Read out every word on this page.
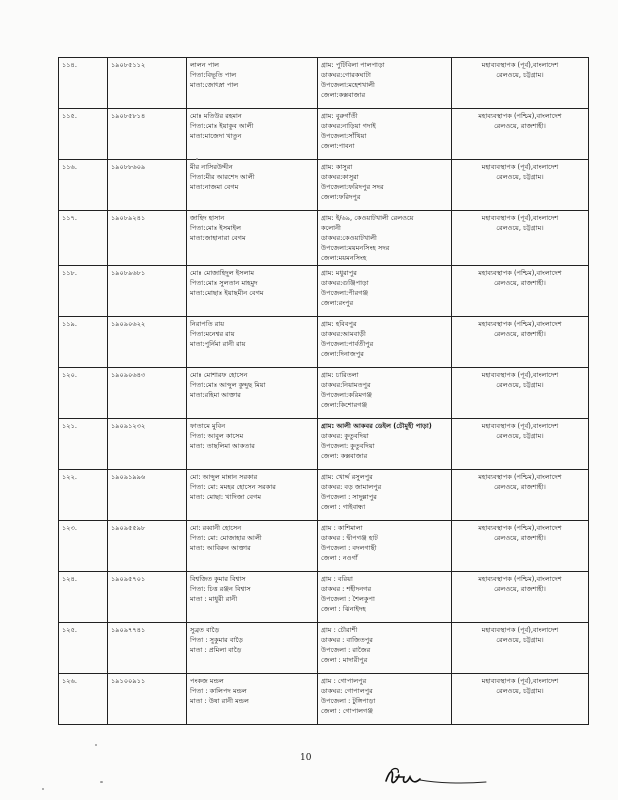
১১৪.	১৯০৮৫১১২	লালন পাল
পিতা:বিভূতি পাল
মাতা:জোৎস্না পাল	গ্রাম: পুটিবিলা পালপাড়া
ডাকঘর:গোরকঘাটা
উপজেলা:মহেশখালী
জেলা:কক্সবাজার	মহাব্যবস্থাপক (পূর্ব),বাংলাদেশ
রেলওয়ে, চট্টগ্রাম।

১১৫.	১৯০৮৫৮১৪	মোঃ মতিউর রহমান
পিতা:মোঃ ইয়াকুব আলী
মাতা:মাজেদা খাতুন	গ্রাম: বুরুগাঁতী
ডাকঘর:নাড়িয়া গদাই
উপজেলা:সাঁথিয়া
জেলা:পাবনা	মহাব্যবস্থাপক (পশ্চিম),বাংলাদেশ
রেলওয়ে, রাজশাহী।

১১৬.	১৯০৮৮৬০৯	মীর নাসিরউদ্দীন
পিতা:মীর আরশেদ আলী
মাতা:নাজমা বেগম	গ্রাম: কাসুরা
ডাকঘর:কাসুরা
উপজেলা:ফরিদপুর সদর
জেলা:ফরিদপুর	মহাব্যবস্থাপক (পূর্ব),বাংলাদেশ
রেলওয়ে, চট্টগ্রাম।

১১৭.	১৯০৮৯২৪১	জাহিদ হাসান
পিতা:মোঃ ইসমাইল
মাতা:জাহানারা বেগম	গ্রাম: ই/৬৯, কেওয়াটখালী রেলওয়ে
কলোনী
ডাকঘর:কেওয়াটখালী
উপজেলা:ময়মনসিংহ সদর
জেলা:ময়মনসিংহ	মহাব্যবস্থাপক (পূর্ব),বাংলাদেশ
রেলওয়ে, চট্টগ্রাম।

১১৮.	১৯০৮৯৬৮১	মোঃ মোজাহিদুল ইসলাম
পিতা:মোঃ সুলতান মাহমুদ
মাতা:মোছাঃ ইয়াছমীন বেগম	গ্রাম: মধুরাপুর
ডাকঘর:গুঞ্জিপাড়া
উপজেলা:পীরগঞ্জ
জেলা:রংপুর	মহাব্যবস্থাপক (পশ্চিম),বাংলাদেশ
রেলওয়ে, রাজশাহী।

১১৯.	১৯০৯০৬২২	নিরাপতি রায়
পিতা:মনেশ্বর রায়
মাতা:পুর্নিমা রানী রায়	গ্রাম: হবিবপুর
ডাকঘর:আমবাড়ী
উপজেলা:পার্বতীপুর
জেলা:দিনাজপুর	মহাব্যবস্থাপক (পশ্চিম),বাংলাদেশ
রেলওয়ে, রাজশাহী।

১২০.	১৯০৯০৬৪৩	মোঃ মোশারফ হোসেন
পিতা:মোঃ আব্দুল কুদ্দুছ মিয়া
মাতা:রহিমা আক্তার	গ্রাম: চারিতলা
ডাকঘর:নিয়ামতপুর
উপজেলা:করিমগঞ্জ
জেলা:কিশোরগঞ্জ	মহাব্যবস্থাপক (পূর্ব),বাংলাদেশ
রেলওয়ে, চট্টগ্রাম।

১২১.	১৯০৯১২৩২	ফাতামে মুবিন
পিতা: আবুল কাসেম
মাতা: তাছলিমা আকতার	গ্রাম: আলী আকবর ডেইল (চৌমুহী পাড়া)
ডাকঘর: কুতুবদিয়া
উপজেলা: কুতুবদিয়া
জেলা: কক্সবাজার	মহাব্যবস্থাপক (পূর্ব),বাংলাদেশ
রেলওয়ে, চট্টগ্রাম।

১২২.	১৯০৯১৯৯৬	মো: আব্দুল মান্নান সরকার
পিতা: মো: মমহর হোসেন সরকার
মাতা: মোছা: খাদিজা বেগম	গ্রাম: খোর্দ্দ রসুলপুর
ডাকঘর: বড় জামালপুর
উপজেলা : সাদুল্লাপুর
জেলা : গাইবান্ধা	মহাব্যবস্থাপক (পশ্চিম),বাংলাদেশ
রেলওয়ে, রাজশাহী।

১২৩.	১৯০৯৫৫৯৮	মো: রব্বানী হোসেন
পিতা: মো: মোজাহার আলী
মাতা: আবিরুন আক্তার	গ্রাম : কাশিমালা
ডাকঘর : দ্বীপগঞ্জ হাট
উপজেলা : বদলগাছী
জেলা : নওগাঁ	মহাব্যবস্থাপক (পশ্চিম),বাংলাদেশ
রেলওয়ে, রাজশাহী।

১২৪.	১৯০৯৫৭০১	বিশ্বজিত কুমার বিশ্বাস
পিতা: চিত্ত রঞ্জন বিশ্বাস
মাতা : মাধুরী রানী	গ্রাম : বরিয়া
ডাকঘর : শহীদনগর
উপজেলা : শৈলকুপা
জেলা : ঝিনাইদহ	মহাব্যবস্থাপক (পশ্চিম),বাংলাদেশ
রেলওয়ে, রাজশাহী।

১২৫.	১৯০৯৭৭৪১	সুব্রত বাড়ৈ
পিতা : সুকুমার বাড়ৈ
মাতা : প্রমিলা বাড়ৈ	গ্রাম : চৌরাশী
ডাকঘর : বাজিতপুর
উপজেলা : রাজৈর
জেলা : মাদারীপুর	মহাব্যবস্থাপক (পূর্ব),বাংলাদেশ
রেলওয়ে, চট্টগ্রাম।

১২৬.	১৯১০০৯১১	পংকজ মন্ডল
পিতা : কালিপদ মন্ডল
মাতা : উষা রানী মন্ডল	গ্রাম : গোপালপুর
ডাকঘর: গোপালপুর
উপজেলা : টুঙ্গিপাড়া
জেলা : গোপালগঞ্জ	মহাব্যবস্থাপক (পূর্ব),বাংলাদেশ
রেলওয়ে, চট্টগ্রাম।
10
